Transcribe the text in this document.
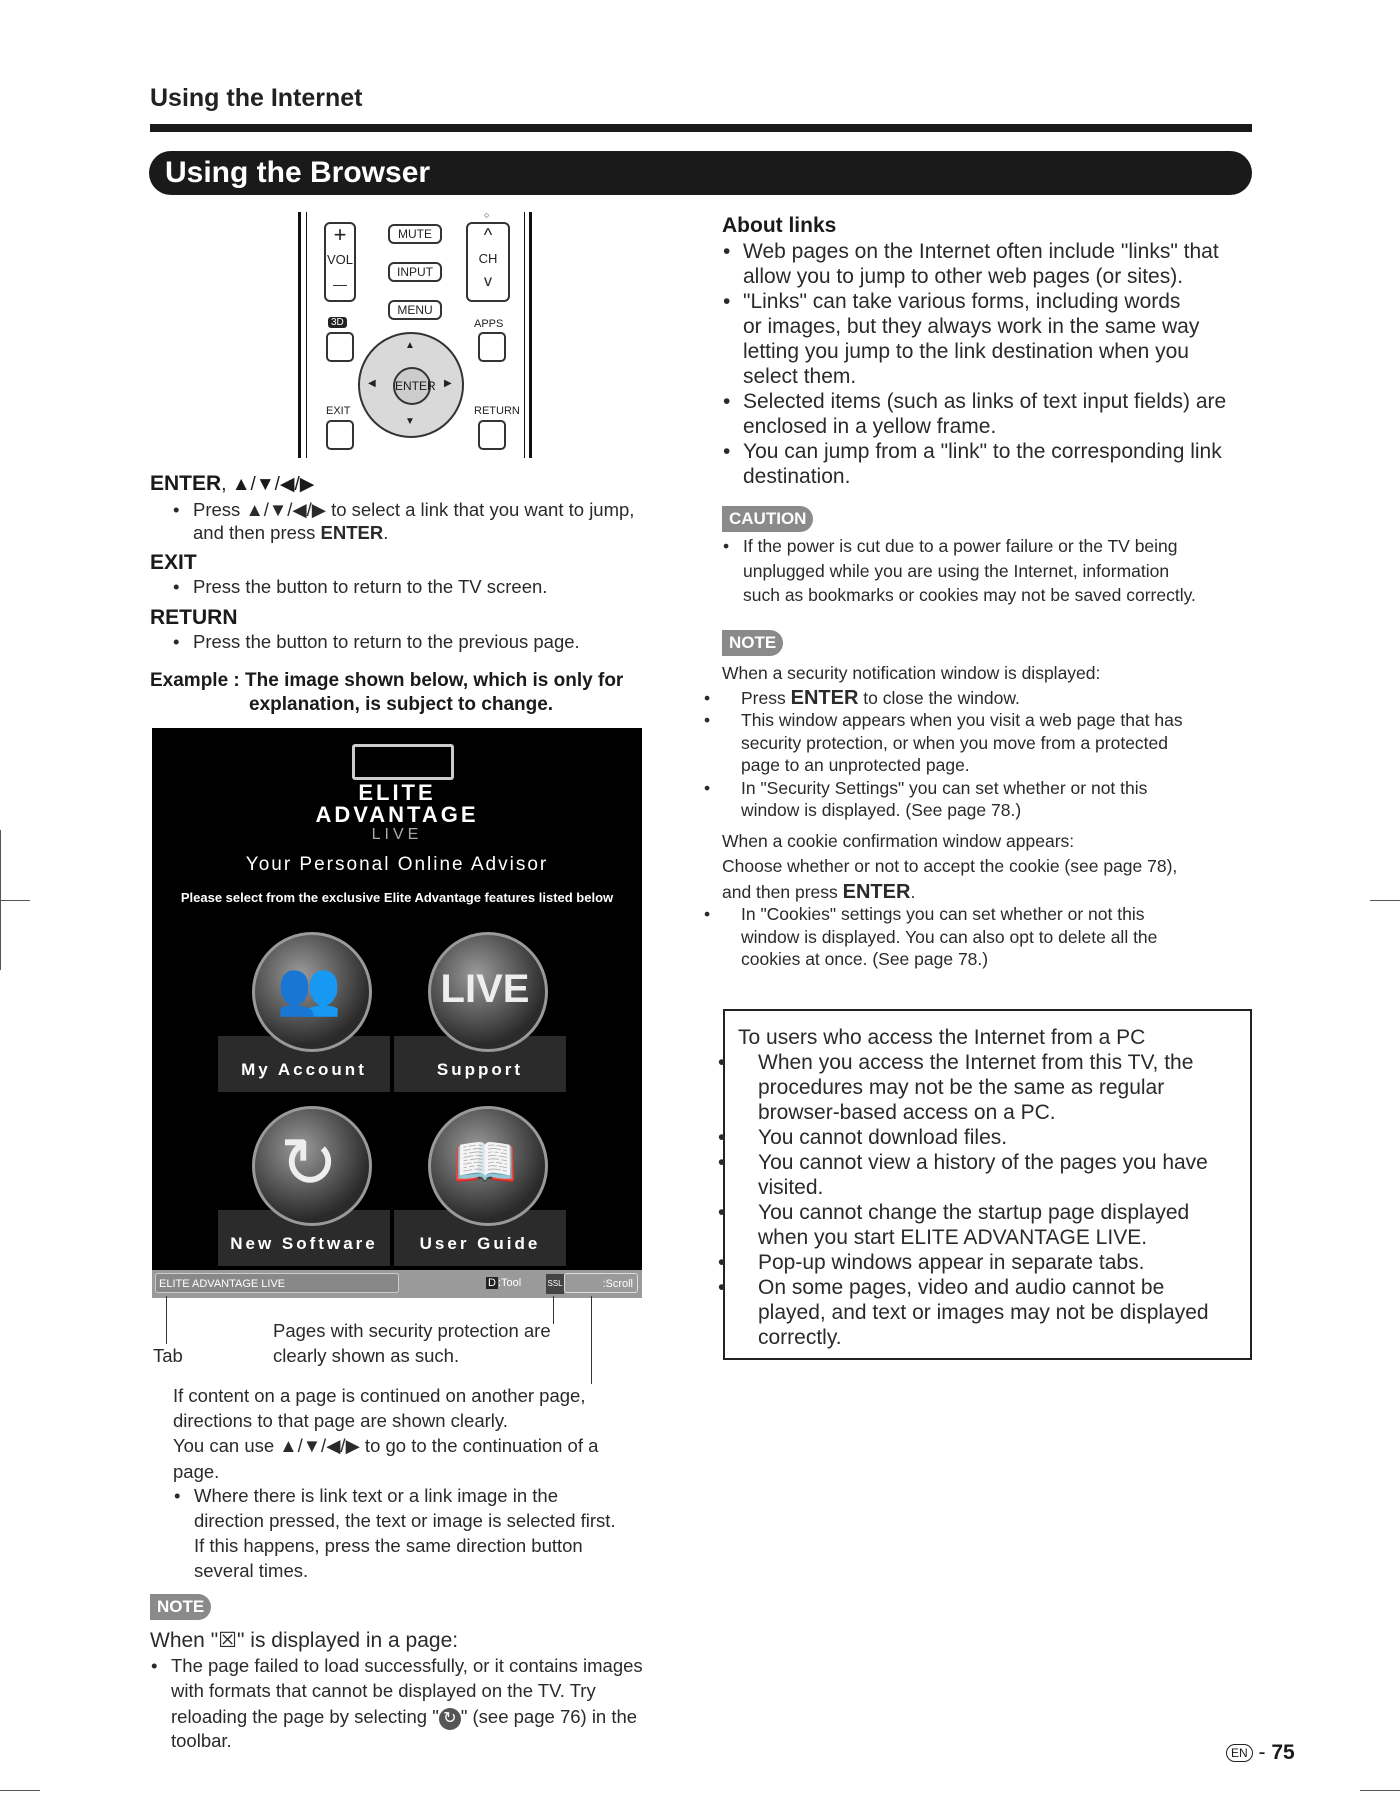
Using the Internet
Using the Browser
+
VOL
—
MUTE
INPUT
MENU
○
^
CH
v
3D	APPS
▲
▼
◀	▶
ENTER
EXIT	RETURN
ENTER, ▲/▼/◀/▶
Press ▲/▼/◀/▶ to select a link that you want to jump,
and then press ENTER.
EXIT
Press the button to return to the TV screen.
RETURN
Press the button to return to the previous page.
Example : The image shown below, which is only for
explanation, is subject to change.
ELITE
ADVANTAGE
LIVE
Your Personal Online Advisor
Please select from the exclusive Elite Advantage features listed below
👥
My Account
LIVE
Support
↻
New Software
📖
User Guide
ELITE ADVANTAGE LIVE	D :Tool	SSL	:Scroll
Tab
Pages with security protection are
clearly shown as such.
If content on a page is continued on another page,
directions to that page are shown clearly.
You can use ▲/▼/◀/▶ to go to the continuation of a
page.
Where there is link text or a link image in the
direction pressed, the text or image is selected first.
If this happens, press the same direction button
several times.
NOTE
When "☒" is displayed in a page:
The page failed to load successfully, or it contains images
with formats that cannot be displayed on the TV. Try
reloading the page by selecting " ↻ " (see page 76) in the
toolbar.
About links
Web pages on the Internet often include "links" that
allow you to jump to other web pages (or sites).
"Links" can take various forms, including words
or images, but they always work in the same way
letting you jump to the link destination when you
select them.
Selected items (such as links of text input fields) are
enclosed in a yellow frame.
You can jump from a "link" to the corresponding link
destination.
CAUTION
If the power is cut due to a power failure or the TV being
unplugged while you are using the Internet, information
such as bookmarks or cookies may not be saved correctly.
NOTE
When a security notification window is displayed:
Press ENTER to close the window.
This window appears when you visit a web page that has
security protection, or when you move from a protected
page to an unprotected page.
In "Security Settings" you can set whether or not this
window is displayed. (See page 78.)
When a cookie confirmation window appears:
Choose whether or not to accept the cookie (see page 78),
and then press ENTER.
In "Cookies" settings you can set whether or not this
window is displayed. You can also opt to delete all the
cookies at once. (See page 78.)
To users who access the Internet from a PC
When you access the Internet from this TV, the
procedures may not be the same as regular
browser-based access on a PC.
You cannot download files.
You cannot view a history of the pages you have
visited.
You cannot change the startup page displayed
when you start ELITE ADVANTAGE LIVE.
Pop-up windows appear in separate tabs.
On some pages, video and audio cannot be
played, and text or images may not be displayed
correctly.
EN - 75
